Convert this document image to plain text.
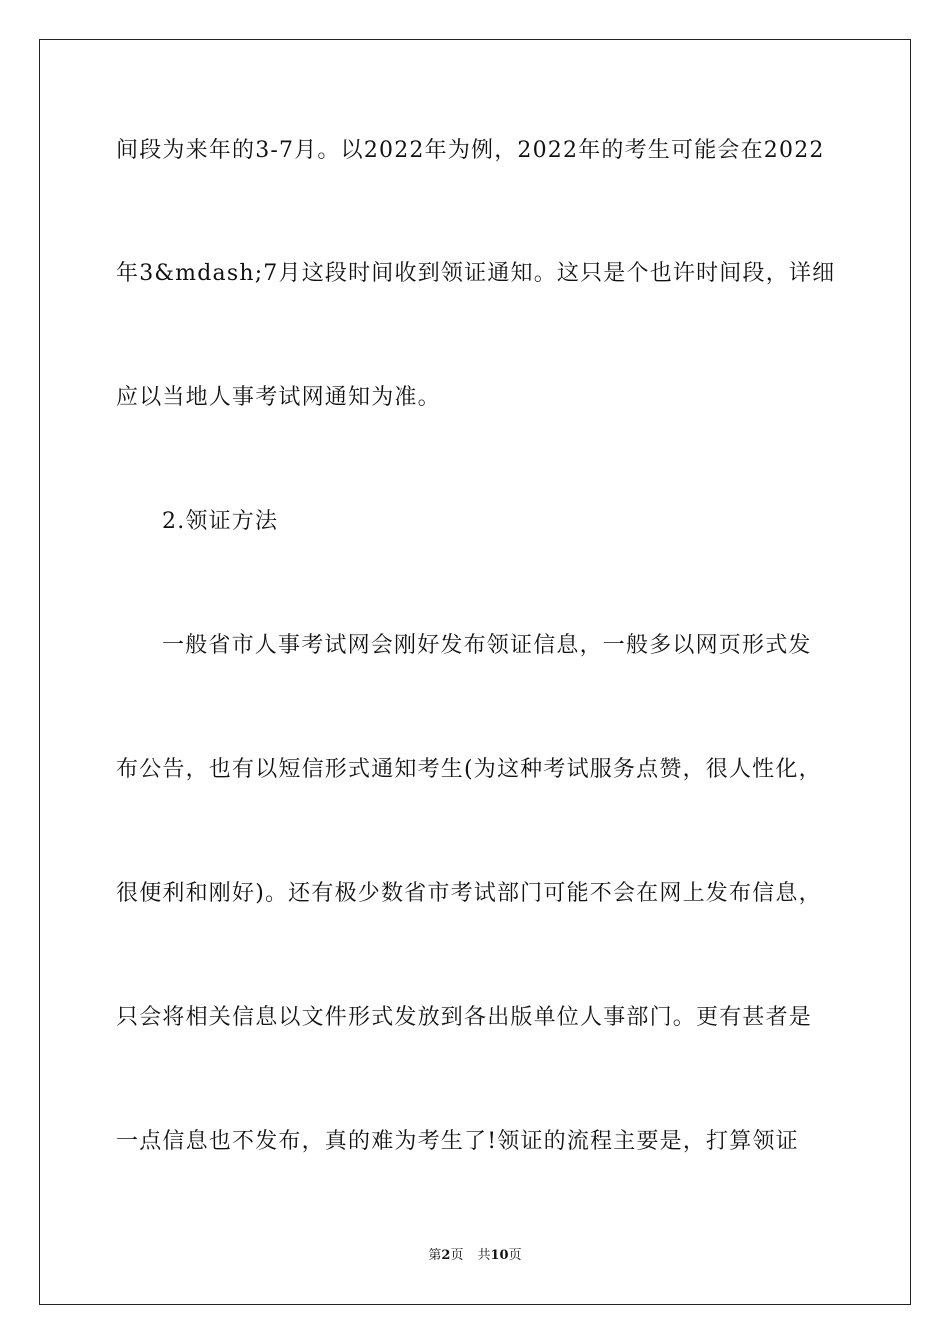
间段为来年的3-7月。以2022年为例，2022年的考生可能会在2022
年3&mdash;7月这段时间收到领证通知。这只是个也许时间段，详细
应以当地人事考试网通知为准。
2.领证方法
一般省市人事考试网会刚好发布领证信息，一般多以网页形式发
布公告，也有以短信形式通知考生(为这种考试服务点赞，很人性化，
很便利和刚好)。还有极少数省市考试部门可能不会在网上发布信息，
只会将相关信息以文件形式发放到各出版单位人事部门。更有甚者是
一点信息也不发布，真的难为考生了!领证的流程主要是，打算领证
第2页 共10页
